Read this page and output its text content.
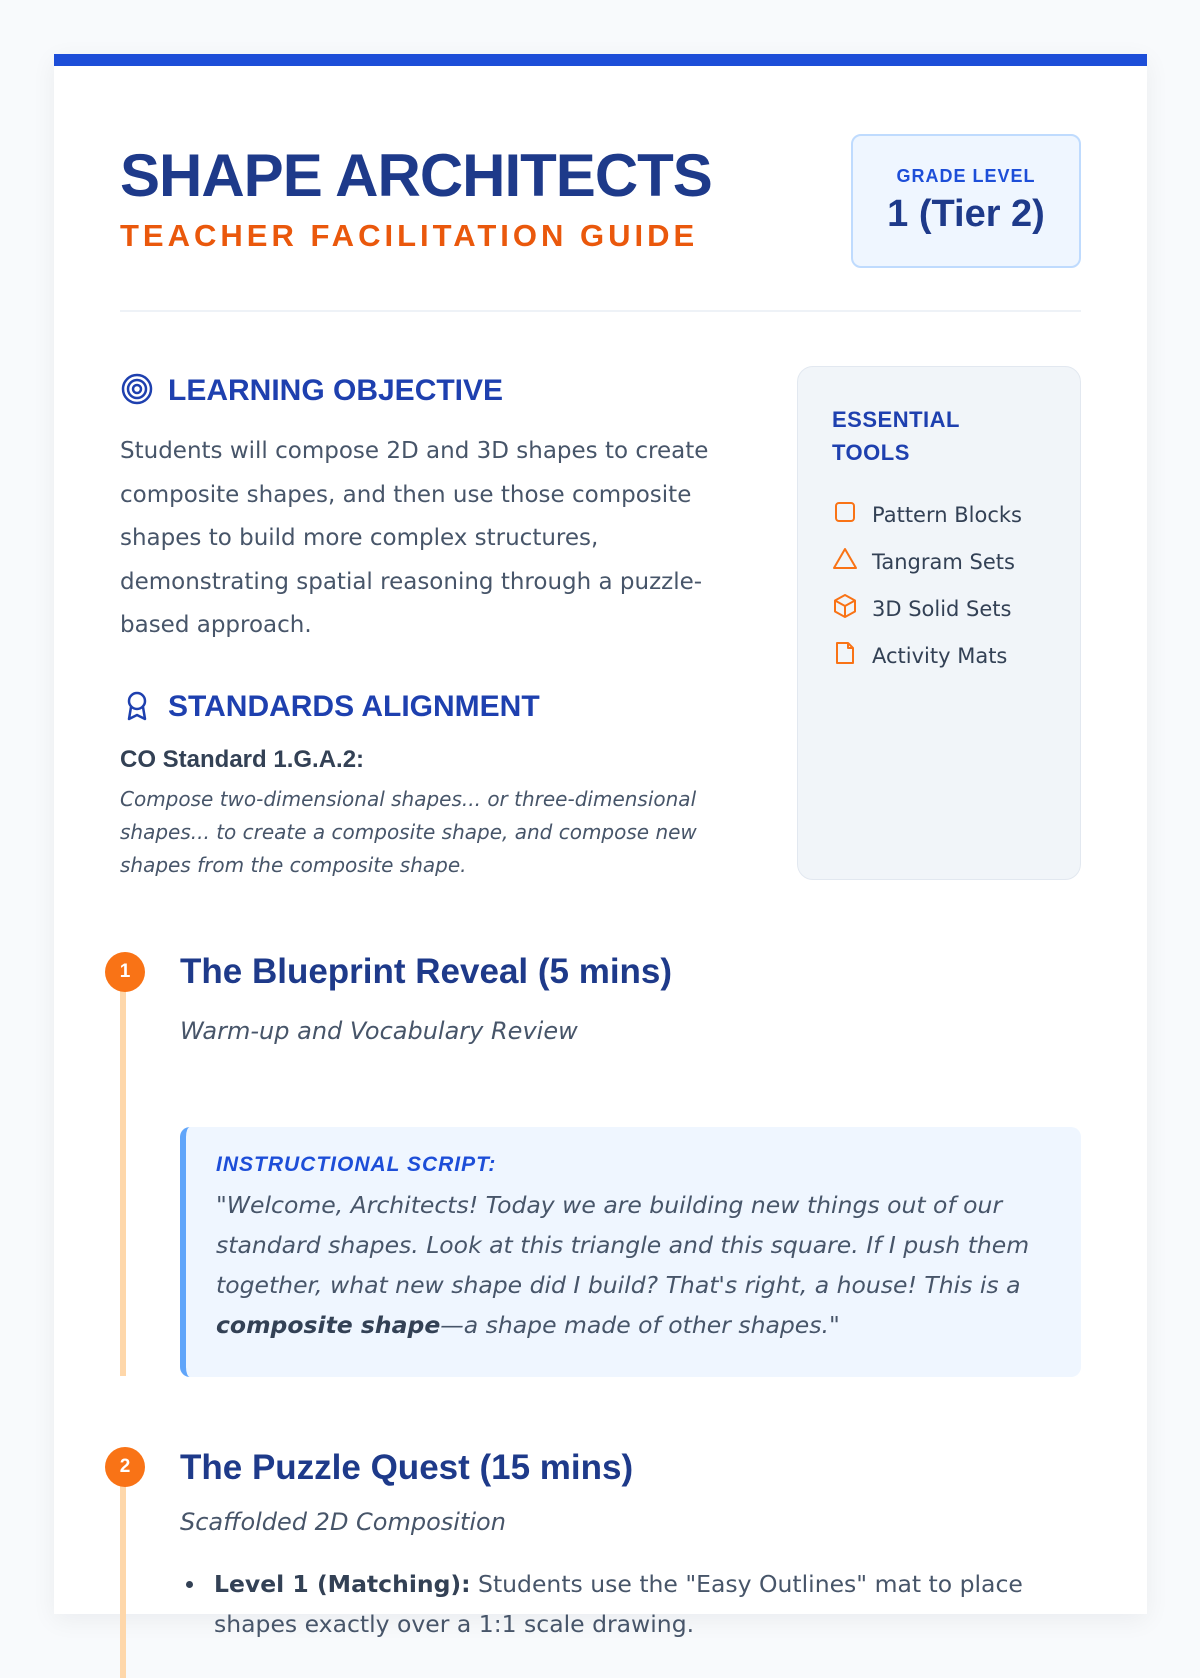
SHAPE ARCHITECTS

TEACHER FACILITATION GUIDE

GRADE LEVEL
1 (Tier 2)
LEARNING OBJECTIVE

Students will compose 2D and 3D shapes to create composite shapes, and then use those composite shapes to build more complex structures, demonstrating spatial reasoning through a puzzle-based approach.

STANDARDS ALIGNMENT

CO Standard 1.G.A.2:

Compose two-dimensional shapes... or three-dimensional shapes... to create a composite shape, and compose new shapes from the composite shape.

ESSENTIAL TOOLS
Pattern Blocks
Tangram Sets
3D Solid Sets
Activity Mats
1	The Blueprint Reveal (5 mins)

Warm-up and Vocabulary Review

INSTRUCTIONAL SCRIPT:

"Welcome, Architects! Today we are building new things out of our standard shapes. Look at this triangle and this square. If I push them together, what new shape did I build? That's right, a house! This is a composite shape—a shape made of other shapes."

2	The Puzzle Quest (15 mins)

Scaffolded 2D Composition

Level 1 (Matching): Students use the "Easy Outlines" mat to place shapes exactly over a 1:1 scale drawing.
